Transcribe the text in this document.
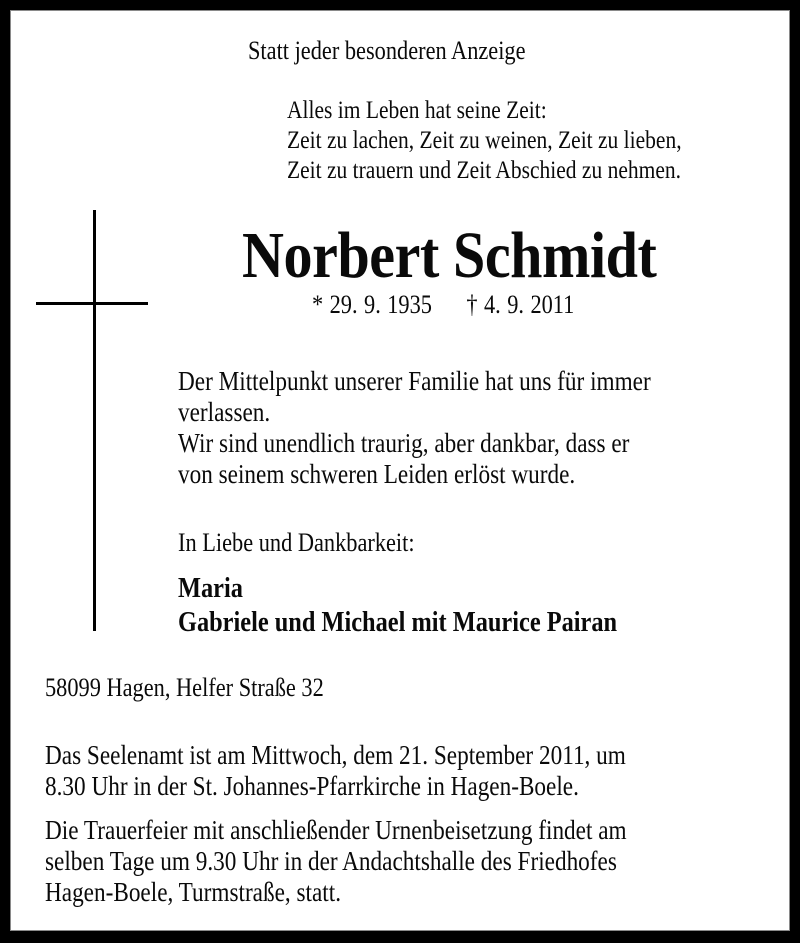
Statt jeder besonderen Anzeige
Alles im Leben hat seine Zeit:
Zeit zu lachen, Zeit zu weinen, Zeit zu lieben,
Zeit zu trauern und Zeit Abschied zu nehmen.
Norbert Schmidt
* 29. 9. 1935 † 4. 9. 2011
Der Mittelpunkt unserer Familie hat uns für immer
verlassen.
Wir sind unendlich traurig, aber dankbar, dass er
von seinem schweren Leiden erlöst wurde.
In Liebe und Dankbarkeit:
Maria
Gabriele und Michael mit Maurice Pairan
58099 Hagen, Helfer Straße 32
Das Seelenamt ist am Mittwoch, dem 21. September 2011, um
8.30 Uhr in der St. Johannes-Pfarrkirche in Hagen-Boele.
Die Trauerfeier mit anschließender Urnenbeisetzung findet am
selben Tage um 9.30 Uhr in der Andachtshalle des Friedhofes
Hagen-Boele, Turmstraße, statt.
